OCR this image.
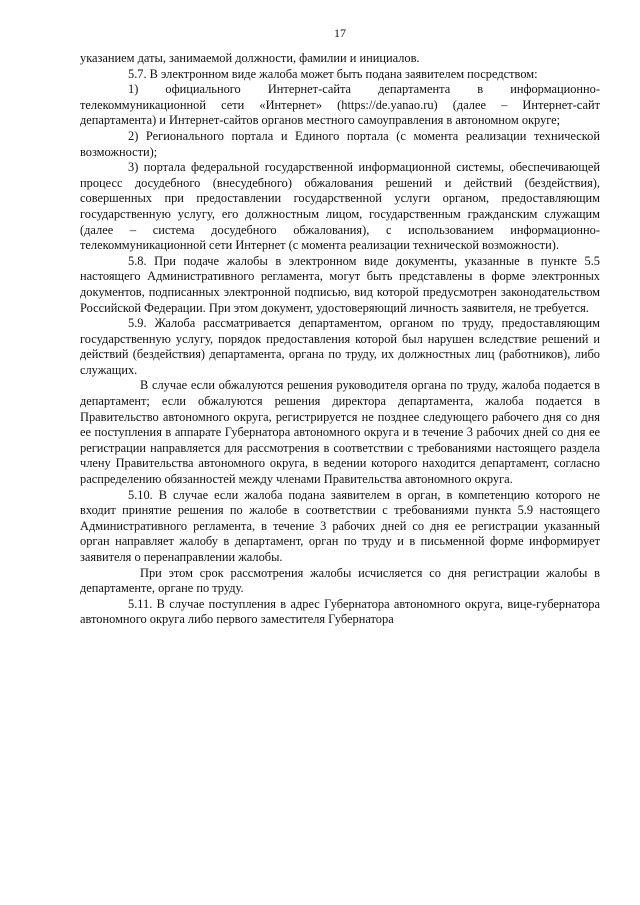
17

указанием даты, занимаемой должности, фамилии и инициалов.

5.7. В электронном виде жалоба может быть подана заявителем посредством:

1) официального Интернет-сайта департамента в информационно-телекоммуникационной сети «Интернет» (https://de.yanao.ru) (далее – Интернет-сайт департамента) и Интернет-сайтов органов местного самоуправления в автономном округе;

2) Регионального портала и Единого портала (с момента реализации технической возможности);

3) портала федеральной государственной информационной системы, обеспечивающей процесс досудебного (внесудебного) обжалования решений и действий (бездействия), совершенных при предоставлении государственной услуги органом, предоставляющим государственную услугу, его должностным лицом, государственным гражданским служащим (далее – система досудебного обжалования), с использованием информационно-телекоммуникационной сети Интернет (с момента реализации технической возможности).

5.8. При подаче жалобы в электронном виде документы, указанные в пункте 5.5 настоящего Административного регламента, могут быть представлены в форме электронных документов, подписанных электронной подписью, вид которой предусмотрен законодательством Российской Федерации. При этом документ, удостоверяющий личность заявителя, не требуется.

5.9. Жалоба рассматривается департаментом, органом по труду, предоставляющим государственную услугу, порядок предоставления которой был нарушен вследствие решений и действий (бездействия) департамента, органа по труду, их должностных лиц (работников), либо служащих.

В случае если обжалуются решения руководителя органа по труду, жалоба подается в департамент; если обжалуются решения директора департамента, жалоба подается в Правительство автономного округа, регистрируется не позднее следующего рабочего дня со дня ее поступления в аппарате Губернатора автономного округа и в течение 3 рабочих дней со дня ее регистрации направляется для рассмотрения в соответствии с требованиями настоящего раздела члену Правительства автономного округа, в ведении которого находится департамент, согласно распределению обязанностей между членами Правительства автономного округа.

5.10. В случае если жалоба подана заявителем в орган, в компетенцию которого не входит принятие решения по жалобе в соответствии с требованиями пункта 5.9 настоящего Административного регламента, в течение 3 рабочих дней со дня ее регистрации указанный орган направляет жалобу в департамент, орган по труду и в письменной форме информирует заявителя о перенаправлении жалобы.

При этом срок рассмотрения жалобы исчисляется со дня регистрации жалобы в департаменте, органе по труду.

5.11. В случае поступления в адрес Губернатора автономного округа, вице-губернатора автономного округа либо первого заместителя Губернатора
